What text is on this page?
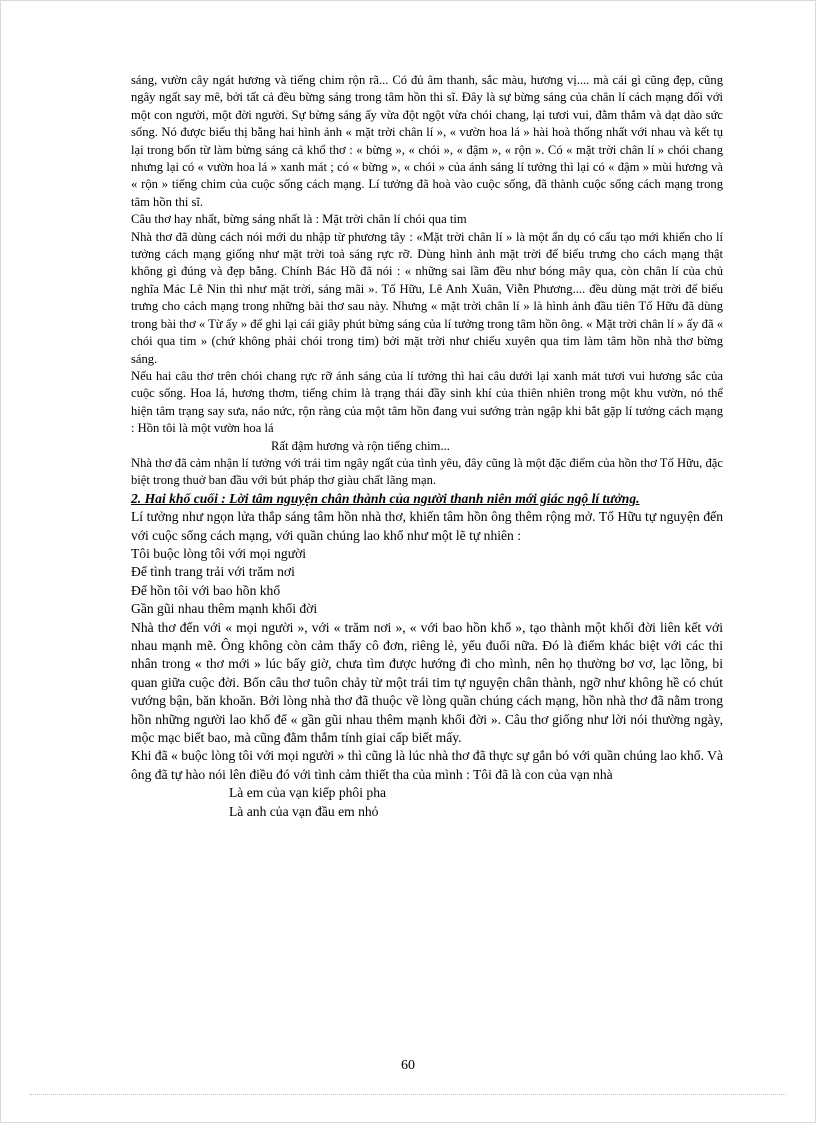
sáng, vườn cây ngát hương và tiếng chim rộn rã... Có đủ âm thanh, sắc màu, hương vị.... mà cái gì cũng đẹp, cũng ngây ngất say mê, bởi tất cả đều bừng sáng trong tâm hồn thi sĩ. Đây là sự bừng sáng của chân lí cách mạng đối với một con người, một đời người. Sự bừng sáng ấy vừa đột ngột vừa chói chang, lại tươi vui, đằm thắm và dạt dào sức sống. Nó được biểu thị bằng hai hình ảnh « mặt trời chân lí », « vườn hoa lá » hài hoà thống nhất với nhau và kết tụ lại trong bốn từ làm bừng sáng cả khổ thơ : « bừng », « chói », « đậm », « rộn ». Có « mặt trời chân lí » chói chang nhưng lại có « vườn hoa lá » xanh mát ; có « bừng », « chói » của ánh sáng lí tưởng thì lại có « đậm » mùi hương và « rộn » tiếng chim của cuộc sống cách mạng. Lí tưởng đã hoà vào cuộc sống, đã thành cuộc sống cách mạng trong tâm hồn thi sĩ.

Câu thơ hay nhất, bừng sáng nhất là : Mặt trời chân lí chói qua tim

Nhà thơ đã dùng cách nói mới du nhập từ phương tây : «Mặt trời chân lí » là một ẩn dụ có cấu tạo mới khiến cho lí tưởng cách mạng giống như mặt trời toả sáng rực rỡ. Dùng hình ảnh mặt trời để biểu trưng cho cách mạng thật không gì đúng và đẹp bằng. Chính Bác Hồ đã nói : « những sai lầm đều như bóng mây qua, còn chân lí của chủ nghĩa Mác Lê Nin thì như mặt trời, sáng mãi ». Tố Hữu, Lê Anh Xuân, Viễn Phương.... đều dùng mặt trời để biểu trưng cho cách mạng trong những bài thơ sau này. Nhưng « mặt trời chân lí » là hình ảnh đầu tiên Tố Hữu đã dùng trong bài thơ « Từ ấy » để ghi lại cái giây phút bừng sáng của lí tưởng trong tâm hồn ông. « Mặt trời chân lí » ấy đã « chói qua tim » (chứ không phải chói trong tim) bởi mặt trời như chiếu xuyên qua tim làm tâm hồn nhà thơ bừng sáng.

Nếu hai câu thơ trên chói chang rực rỡ ánh sáng của lí tưởng thì hai câu dưới lại xanh mát tươi vui hương sắc của cuộc sống. Hoa lá, hương thơm, tiếng chim là trạng thái đầy sinh khí của thiên nhiên trong một khu vườn, nó thể hiện tâm trạng say sưa, náo nức, rộn ràng của một tâm hồn đang vui sướng tràn ngập khi bắt gặp lí tưởng cách mạng : Hồn tôi là một vườn hoa lá

Rất đậm hương và rộn tiếng chim...

Nhà thơ đã cảm nhận lí tưởng với trái tim ngây ngất của tình yêu, đây cũng là một đặc điểm của hồn thơ Tố Hữu, đặc biệt trong thuở ban đầu với bút pháp thơ giàu chất lãng mạn.

2. Hai khổ cuối : Lời tâm nguyện chân thành của người thanh niên mới giác ngộ lí tưởng.

Lí tưởng như ngọn lửa thắp sáng tâm hồn nhà thơ, khiến tâm hồn ông thêm rộng mở. Tố Hữu tự nguyện đến với cuộc sống cách mạng, với quần chúng lao khổ như một lẽ tự nhiên :

Tôi buộc lòng tôi với mọi người

Để tình trang trải với trăm nơi

Để hồn tôi với bao hồn khổ

Gần gũi nhau thêm mạnh khối đời

Nhà thơ đến với « mọi người », với « trăm nơi », « với bao hồn khổ », tạo thành một khối đời liên kết với nhau mạnh mẽ. Ông không còn cảm thấy cô đơn, riêng lẻ, yếu đuối nữa. Đó là điểm khác biệt với các thi nhân trong « thơ mới » lúc bấy giờ, chưa tìm được hướng đi cho mình, nên họ thường bơ vơ, lạc lõng, bi quan giữa cuộc đời. Bốn câu thơ tuôn chảy từ một trái tim tự nguyện chân thành, ngỡ như không hề có chút vướng bận, băn khoăn. Bởi lòng nhà thơ đã thuộc về lòng quần chúng cách mạng, hồn nhà thơ đã nằm trong hồn những người lao khổ để « gần gũi nhau thêm mạnh khối đời ». Câu thơ giống như lời nói thường ngày, mộc mạc biết bao, mà cũng đằm thắm tính giai cấp biết mấy.

Khi đã « buộc lòng tôi với mọi người » thì cũng là lúc nhà thơ đã thực sự gắn bó với quần chúng lao khổ. Và ông đã tự hào nói lên điều đó với tình cảm thiết tha của mình : Tôi đã là con của vạn nhà

Là em của vạn kiếp phôi pha

Là anh của vạn đầu em nhỏ

60
